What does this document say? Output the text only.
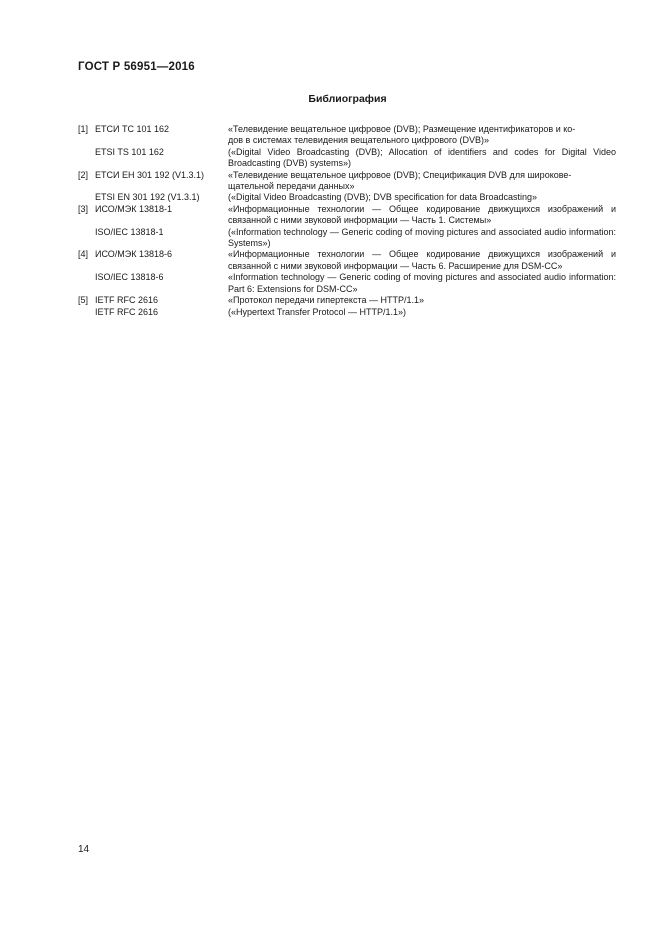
ГОСТ Р 56951—2016
Библиография
[1] ЕТСИ ТС 101 162	«Телевидение вещательное цифровое (DVB); Размещение идентификаторов и ко-
дов в системах телевидения вещательного цифрового (DVB)»
ETSI TS 101 162	(«Digital Video Broadcasting (DVB); Allocation of identifiers and codes for Digital Video Broadcasting (DVB) systems»)
[2] ЕТСИ ЕН 301 192 (V1.3.1)	«Телевидение вещательное цифровое (DVB); Спецификация DVB для широкове-
щательной передачи данных»
ETSI EN 301 192 (V1.3.1)	(«Digital Video Broadcasting (DVB); DVB specification for data Broadcasting»
[3] ИСО/МЭК 13818-1	«Информационные технологии — Общее кодирование движущихся изображений и связанной с ними звуковой информации — Часть 1. Системы»
ISO/IEC 13818-1	(«Information technology — Generic coding of moving pictures and associated audio information: Systems»)
[4] ИСО/МЭК 13818-6	«Информационные технологии — Общее кодирование движущихся изображений и связанной с ними звуковой информации — Часть 6. Расширение для DSM-CC»
ISO/IEC 13818-6	«Information technology — Generic coding of moving pictures and associated audio information: Part 6: Extensions for DSM-CC»
[5] IETF RFC 2616	«Протокол передачи гипертекста — HTTP/1.1»
IETF RFC 2616	(«Hypertext Transfer Protocol — HTTP/1.1»)
14
